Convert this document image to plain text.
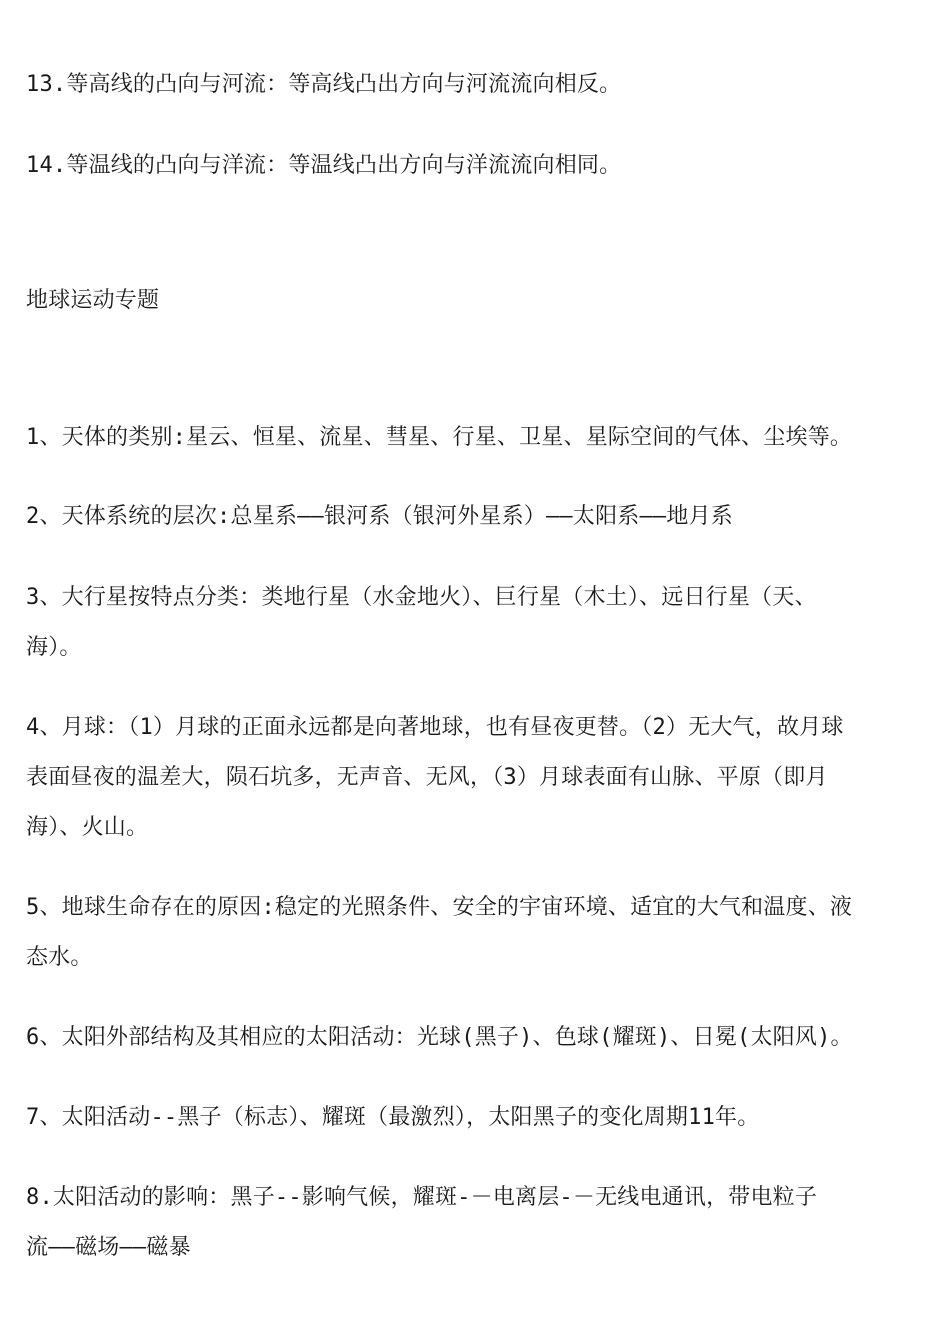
13.等高线的凸向与河流：等高线凸出方向与河流流向相反。
14.等温线的凸向与洋流：等温线凸出方向与洋流流向相同。
地球运动专题
1、天体的类别:星云、恒星、流星、彗星、行星、卫星、星际空间的气体、尘埃等。
2、天体系统的层次:总星系——银河系（银河外星系）——太阳系——地月系
3、大行星按特点分类：类地行星（水金地火）、巨行星（木土）、远日行星（天、
海）。
4、月球：（1）月球的正面永远都是向著地球，也有昼夜更替。（2）无大气，故月球
表面昼夜的温差大，陨石坑多，无声音、无风，（3）月球表面有山脉、平原（即月
海）、火山。
5、地球生命存在的原因:稳定的光照条件、安全的宇宙环境、适宜的大气和温度、液
态水。
6、太阳外部结构及其相应的太阳活动：光球(黑子)、色球(耀斑)、日冕(太阳风)。
7、太阳活动--黑子（标志）、耀斑（最激烈），太阳黑子的变化周期11年。
8.太阳活动的影响：黑子--影响气候，耀斑-－电离层-－无线电通讯，带电粒子
流——磁场——磁暴
